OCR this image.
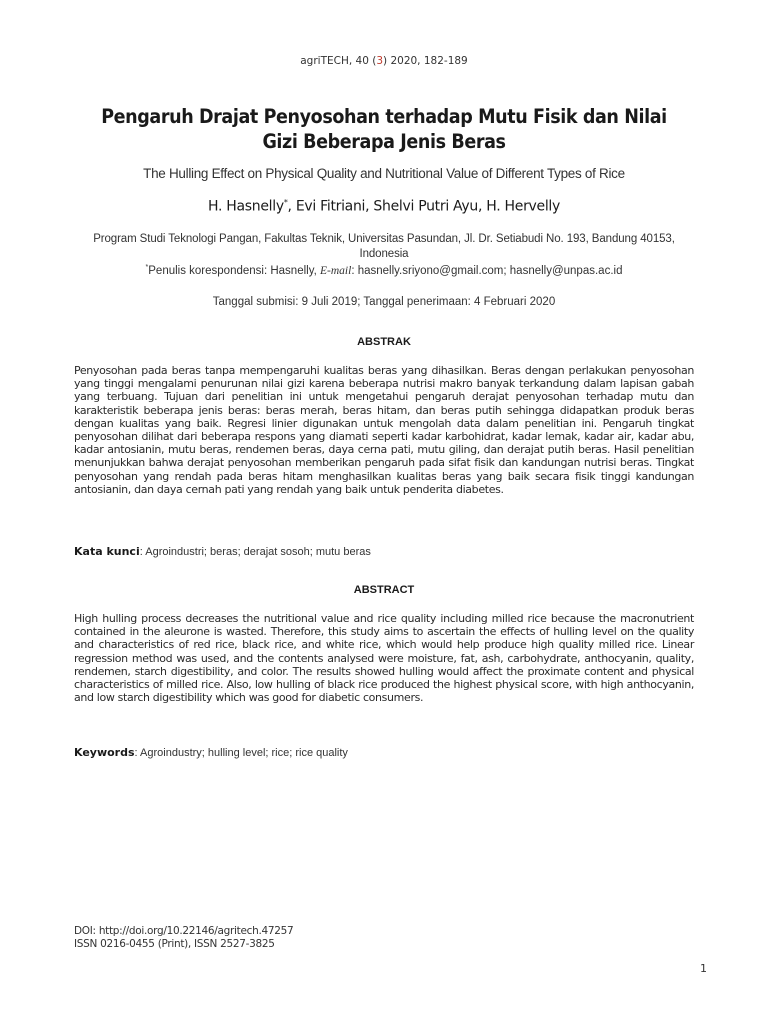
agriTECH, 40 (3) 2020, 182-189
Pengaruh Drajat Penyosohan terhadap Mutu Fisik dan Nilai
Gizi Beberapa Jenis Beras
The Hulling Effect on Physical Quality and Nutritional Value of Different Types of Rice
H. Hasnelly*, Evi Fitriani, Shelvi Putri Ayu, H. Hervelly
Program Studi Teknologi Pangan, Fakultas Teknik, Universitas Pasundan, Jl. Dr. Setiabudi No. 193, Bandung 40153,
Indonesia
*Penulis korespondensi: Hasnelly, E-mail: hasnelly.sriyono@gmail.com; hasnelly@unpas.ac.id
Tanggal submisi: 9 Juli 2019; Tanggal penerimaan: 4 Februari 2020
ABSTRAK
Penyosohan pada beras tanpa mempengaruhi kualitas beras yang dihasilkan. Beras dengan perlakukan penyosohan yang tinggi mengalami penurunan nilai gizi karena beberapa nutrisi makro banyak terkandung dalam lapisan gabah yang terbuang. Tujuan dari penelitian ini untuk mengetahui pengaruh derajat penyosohan terhadap mutu dan karakteristik beberapa jenis beras: beras merah, beras hitam, dan beras putih sehingga didapatkan produk beras dengan kualitas yang baik. Regresi linier digunakan untuk mengolah data dalam penelitian ini. Pengaruh tingkat penyosohan dilihat dari beberapa respons yang diamati seperti kadar karbohidrat, kadar lemak, kadar air, kadar abu, kadar antosianin, mutu beras, rendemen beras, daya cerna pati, mutu giling, dan derajat putih beras. Hasil penelitian menunjukkan bahwa derajat penyosohan memberikan pengaruh pada sifat fisik dan kandungan nutrisi beras. Tingkat penyosohan yang rendah pada beras hitam menghasilkan kualitas beras yang baik secara fisik tinggi kandungan antosianin, dan daya cernah pati yang rendah yang baik untuk penderita diabetes.
Kata kunci: Agroindustri; beras; derajat sosoh; mutu beras
ABSTRACT
High hulling process decreases the nutritional value and rice quality including milled rice because the macronutrient contained in the aleurone is wasted. Therefore, this study aims to ascertain the effects of hulling level on the quality and characteristics of red rice, black rice, and white rice, which would help produce high quality milled rice. Linear regression method was used, and the contents analysed were moisture, fat, ash, carbohydrate, anthocyanin, quality, rendemen, starch digestibility, and color. The results showed hulling would affect the proximate content and physical characteristics of milled rice. Also, low hulling of black rice produced the highest physical score, with high anthocyanin, and low starch digestibility which was good for diabetic consumers.
Keywords: Agroindustry; hulling level; rice; rice quality
DOI: http://doi.org/10.22146/agritech.47257
ISSN 0216-0455 (Print), ISSN 2527-3825
1
